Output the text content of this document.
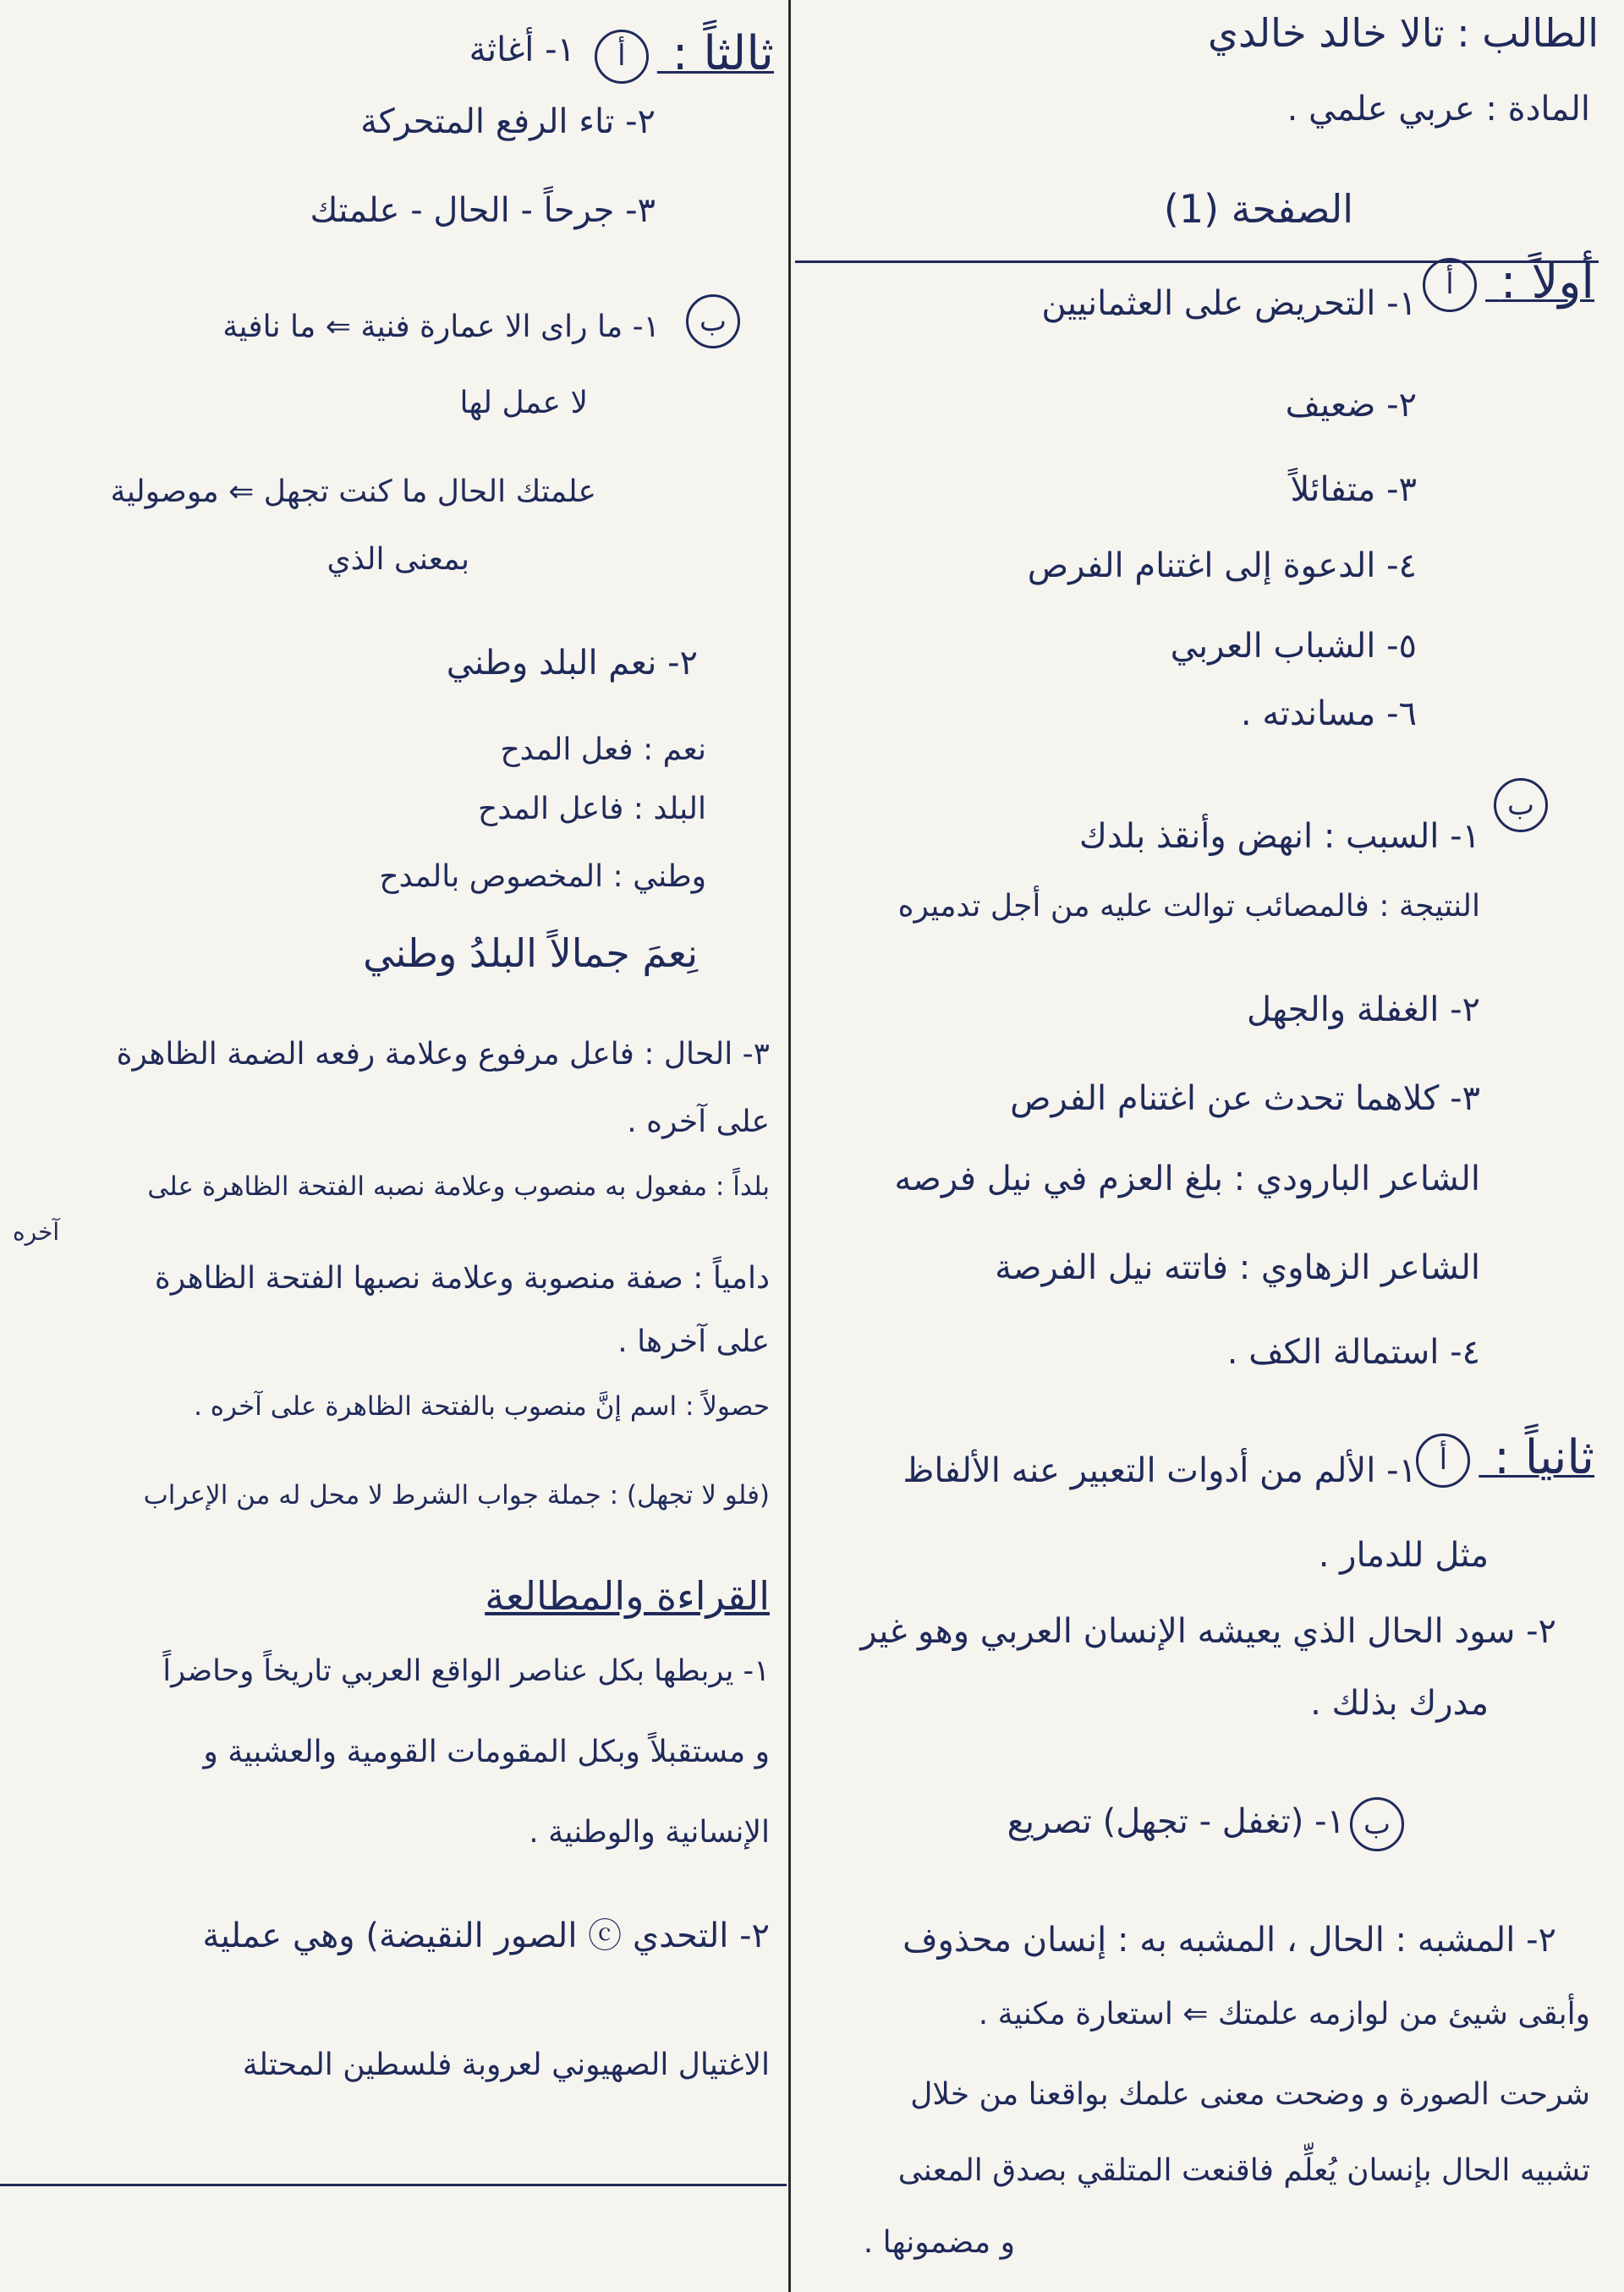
الطالب : تالا خالد خالدي
المادة : عربي علمي .
الصفحة (1)
أولاً : أ
١- التحريض على العثمانيين
٢- ضعيف
٣- متفائلاً
٤- الدعوة إلى اغتنام الفرص
٥- الشباب العربي
٦- مساندته .
ب
١- السبب : انهض وأنقذ بلدك
النتيجة : فالمصائب توالت عليه من أجل تدميره
٢- الغفلة والجهل
٣- كلاهما تحدث عن اغتنام الفرص
الشاعر البارودي : بلغ العزم في نيل فرصه
الشاعر الزهاوي : فاتته نيل الفرصة
٤- استمالة الكف .
ثانياً : أ
١- الألم من أدوات التعبير عنه الألفاظ
مثل للدمار .
٢- سود الحال الذي يعيشه الإنسان العربي وهو غير
مدرك بذلك .
ب
١- (تغفل - تجهل) تصريع
٢- المشبه : الحال ، المشبه به : إنسان محذوف
وأبقى شيئ من لوازمه علمتك ⇐ استعارة مكنية .
شرحت الصورة و وضحت معنى علمك بواقعنا من خلال
تشبيه الحال بإنسان يُعلِّم فاقنعت المتلقي بصدق المعنى
و مضمونها .
ثالثاً : أ
١- أغاثة
٢- تاء الرفع المتحركة
٣- جرحاً - الحال - علمتك
ب
١- ما راى الا عمارة فنية ⇐ ما نافية
لا عمل لها
علمتك الحال ما كنت تجهل ⇐ موصولية
بمعنى الذي
٢- نعم البلد وطني
نعم : فعل المدح
البلد : فاعل المدح
وطني : المخصوص بالمدح
نِعمَ جمالاً البلدُ وطني
٣- الحال : فاعل مرفوع وعلامة رفعه الضمة الظاهرة
على آخره .
بلداً : مفعول به منصوب وعلامة نصبه الفتحة الظاهرة على
آخره
دامياً : صفة منصوبة وعلامة نصبها الفتحة الظاهرة
على آخرها .
حصولاً : اسم إنَّ منصوب بالفتحة الظاهرة على آخره .
(فلو لا تجهل) : جملة جواب الشرط لا محل له من الإعراب
القراءة والمطالعة
١- يربطها بكل عناصر الواقع العربي تاريخاً وحاضراً
و مستقبلاً وبكل المقومات القومية والعشبية و
الإنسانية والوطنية .
٢- التحدي ⓒ الصور النقيضة) وهي عملية
الاغتيال الصهيوني لعروبة فلسطين المحتلة
